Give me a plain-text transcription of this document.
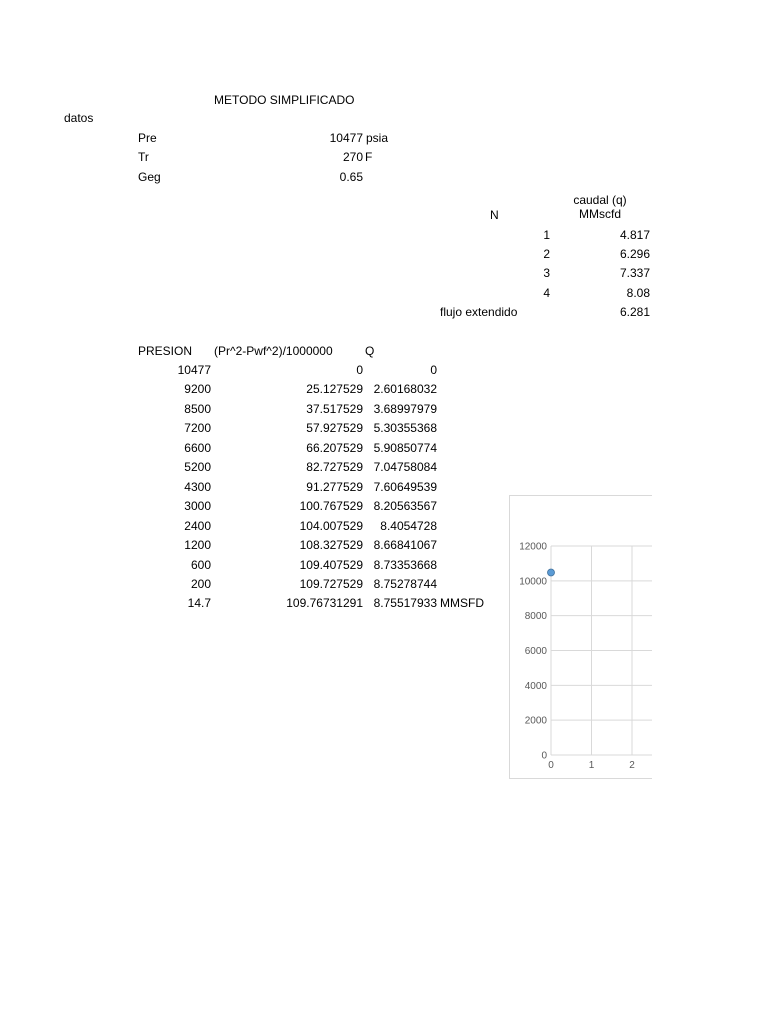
METODO SIMPLIFICADO
datos
Pre	10477 psia
Tr	270 F
Geg	0.65
caudal (q)
MMscfd
N
1	4.817
2	6.296
3	7.337
4	8.08
flujo extendido	6.281
PRESION (Pr^2-Pwf^2)/1000000	Q
10477	0	0
9200	25.127529 2.60168032
8500	37.517529 3.68997979
7200	57.927529 5.30355368
6600	66.207529 5.90850774
5200	82.727529 7.04758084
4300	91.277529 7.60649539
3000	100.767529 8.20563567
2400	104.007529	8.4054728
1200	108.327529 8.66841067
600	109.407529 8.73353668
200	109.727529 8.75278744
14.7	109.76731291 8.75517933 MMSFD
0
2000
4000
6000
8000
10000
12000
0	1	2
